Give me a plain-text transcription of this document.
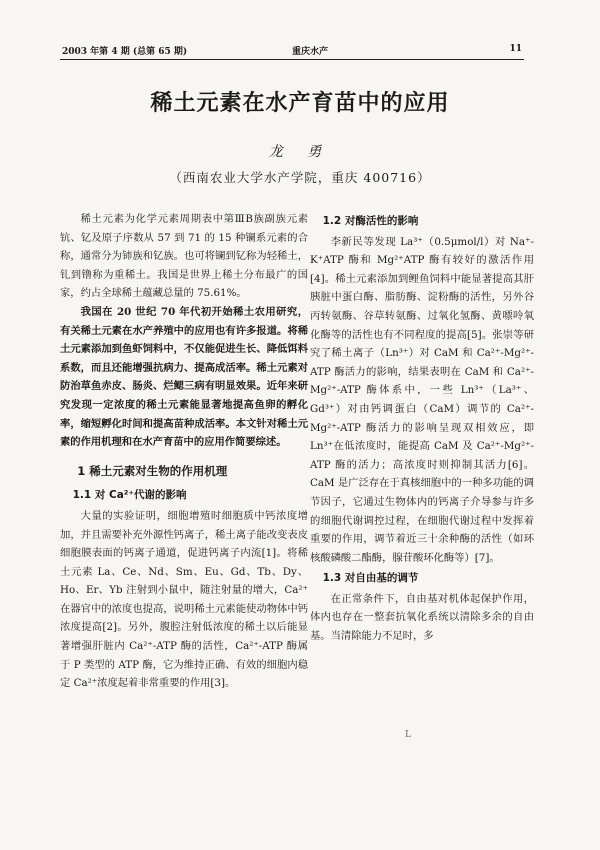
2003 年第 4 期 (总第 65 期)	重庆水产	11
稀土元素在水产育苗中的应用
龙 勇
（西南农业大学水产学院，重庆 400716）

稀土元素为化学元素周期表中第ⅢB族副族元素钪、钇及原子序数从 57 到 71 的 15 种镧系元素的合称，通常分为铈族和钇族。也可将镧到钇称为轻稀土，钆到镥称为重稀土。我国是世界上稀土分布最广的国家，约占全球稀土蕴藏总量的 75.61%。

我国在 20 世纪 70 年代初开始稀土农用研究，有关稀土元素在水产养殖中的应用也有许多报道。将稀土元素添加到鱼虾饲料中，不仅能促进生长、降低饵料系数，而且还能增强抗病力、提高成活率。稀土元素对防治草鱼赤皮、肠炎、烂鳃三病有明显效果。近年来研究发现一定浓度的稀土元素能显著地提高鱼卵的孵化率，缩短孵化时间和提高苗种成活率。本文针对稀土元素的作用机理和在水产育苗中的应用作简要综述。

1 稀土元素对生物的作用机理
1.1 对 Ca²⁺代谢的影响

大量的实验证明，细胞增殖时细胞质中钙浓度增加，并且需要补充外源性钙离子，稀土离子能改变表皮细胞膜表面的钙离子通道，促进钙离子内流[1]。将稀土元素 La、Ce、Nd、Sm、Eu、Gd、Tb、Dy、Ho、Er、Yb 注射到小鼠中，随注射量的增大，Ca²⁺在器官中的浓度也提高，说明稀土元素能使动物体中钙浓度提高[2]。另外，腹腔注射低浓度的稀土以后能显著增强肝脏内 Ca²⁺-ATP 酶的活性，Ca²⁺-ATP 酶属于 P 类型的 ATP 酶，它为维持正确、有效的细胞内稳定 Ca²⁺浓度起着非常重要的作用[3]。

1.2 对酶活性的影响

李新民等发现 La³⁺（0.5μmol/l）对 Na⁺-K⁺ATP 酶和 Mg²⁺ATP 酶有较好的激活作用[4]。稀土元素添加到鲤鱼饲料中能显著提高其肝胰脏中蛋白酶、脂肪酶、淀粉酶的活性，另外谷丙转氨酶、谷草转氨酶、过氧化氢酶、黄嘌呤氧化酶等的活性也有不同程度的提高[5]。张崇等研究了稀土离子（Ln³⁺）对 CaM 和 Ca²⁺-Mg²⁺-ATP 酶活力的影响，结果表明在 CaM 和 Ca²⁺-Mg²⁺-ATP 酶体系中，一些 Ln³⁺（La³⁺、Gd³⁺）对由钙调蛋白（CaM）调节的 Ca²⁺-Mg²⁺-ATP 酶活力的影响呈现双相效应，即 Ln³⁺在低浓度时，能提高 CaM 及 Ca²⁺-Mg²⁺-ATP 酶的活力；高浓度时则抑制其活力[6]。CaM 是广泛存在于真核细胞中的一种多功能的调节因子，它通过生物体内的钙离子介导参与许多的细胞代谢调控过程，在细胞代谢过程中发挥着重要的作用，调节着近三十余种酶的活性（如环核酸磷酸二酯酶，腺苷酸环化酶等）[7]。

1.3 对自由基的调节

在正常条件下，自由基对机体起保护作用，体内也存在一整套抗氧化系统以清除多余的自由基。当清除能力不足时，多

L
